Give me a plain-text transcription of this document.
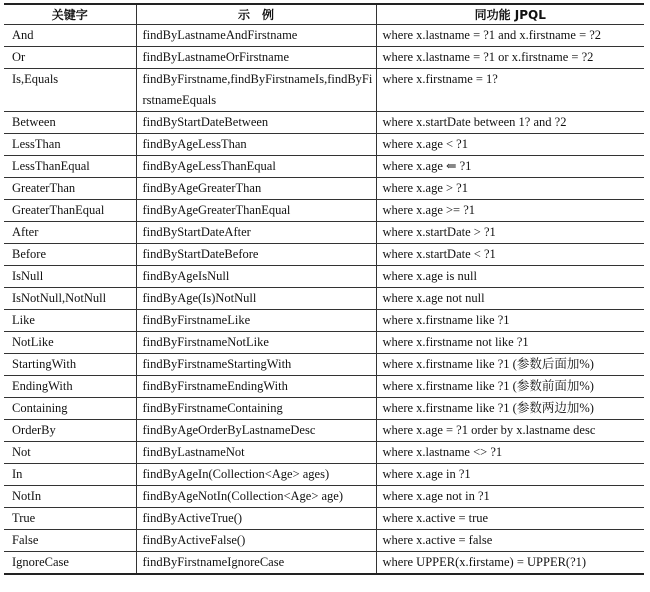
关键字	示　例	同功能 JPQL
And	findByLastnameAndFirstname	where x.lastname = ?1 and x.firstname = ?2
Or	findByLastnameOrFirstname	where x.lastname = ?1 or x.firstname = ?2
Is,Equals	findByFirstname,findByFirstnameIs,findByFirstnameEquals	where x.firstname = 1?
Between	findByStartDateBetween	where x.startDate between 1? and ?2
LessThan	findByAgeLessThan	where x.age < ?1
LessThanEqual	findByAgeLessThanEqual	where x.age ⇐ ?1
GreaterThan	findByAgeGreaterThan	where x.age > ?1
GreaterThanEqual	findByAgeGreaterThanEqual	where x.age >= ?1
After	findByStartDateAfter	where x.startDate > ?1
Before	findByStartDateBefore	where x.startDate < ?1
IsNull	findByAgeIsNull	where x.age is null
IsNotNull,NotNull	findByAge(Is)NotNull	where x.age not null
Like	findByFirstnameLike	where x.firstname like ?1
NotLike	findByFirstnameNotLike	where x.firstname not like ?1
StartingWith	findByFirstnameStartingWith	where x.firstname like ?1 (参数后面加%)
EndingWith	findByFirstnameEndingWith	where x.firstname like ?1 (参数前面加%)
Containing	findByFirstnameContaining	where x.firstname like ?1 (参数两边加%)
OrderBy	findByAgeOrderByLastnameDesc	where x.age = ?1 order by x.lastname desc
Not	findByLastnameNot	where x.lastname <> ?1
In	findByAgeIn(Collection<Age> ages)	where x.age in ?1
NotIn	findByAgeNotIn(Collection<Age> age)	where x.age not in ?1
True	findByActiveTrue()	where x.active = true
False	findByActiveFalse()	where x.active = false
IgnoreCase	findByFirstnameIgnoreCase	where UPPER(x.firstame) = UPPER(?1)
